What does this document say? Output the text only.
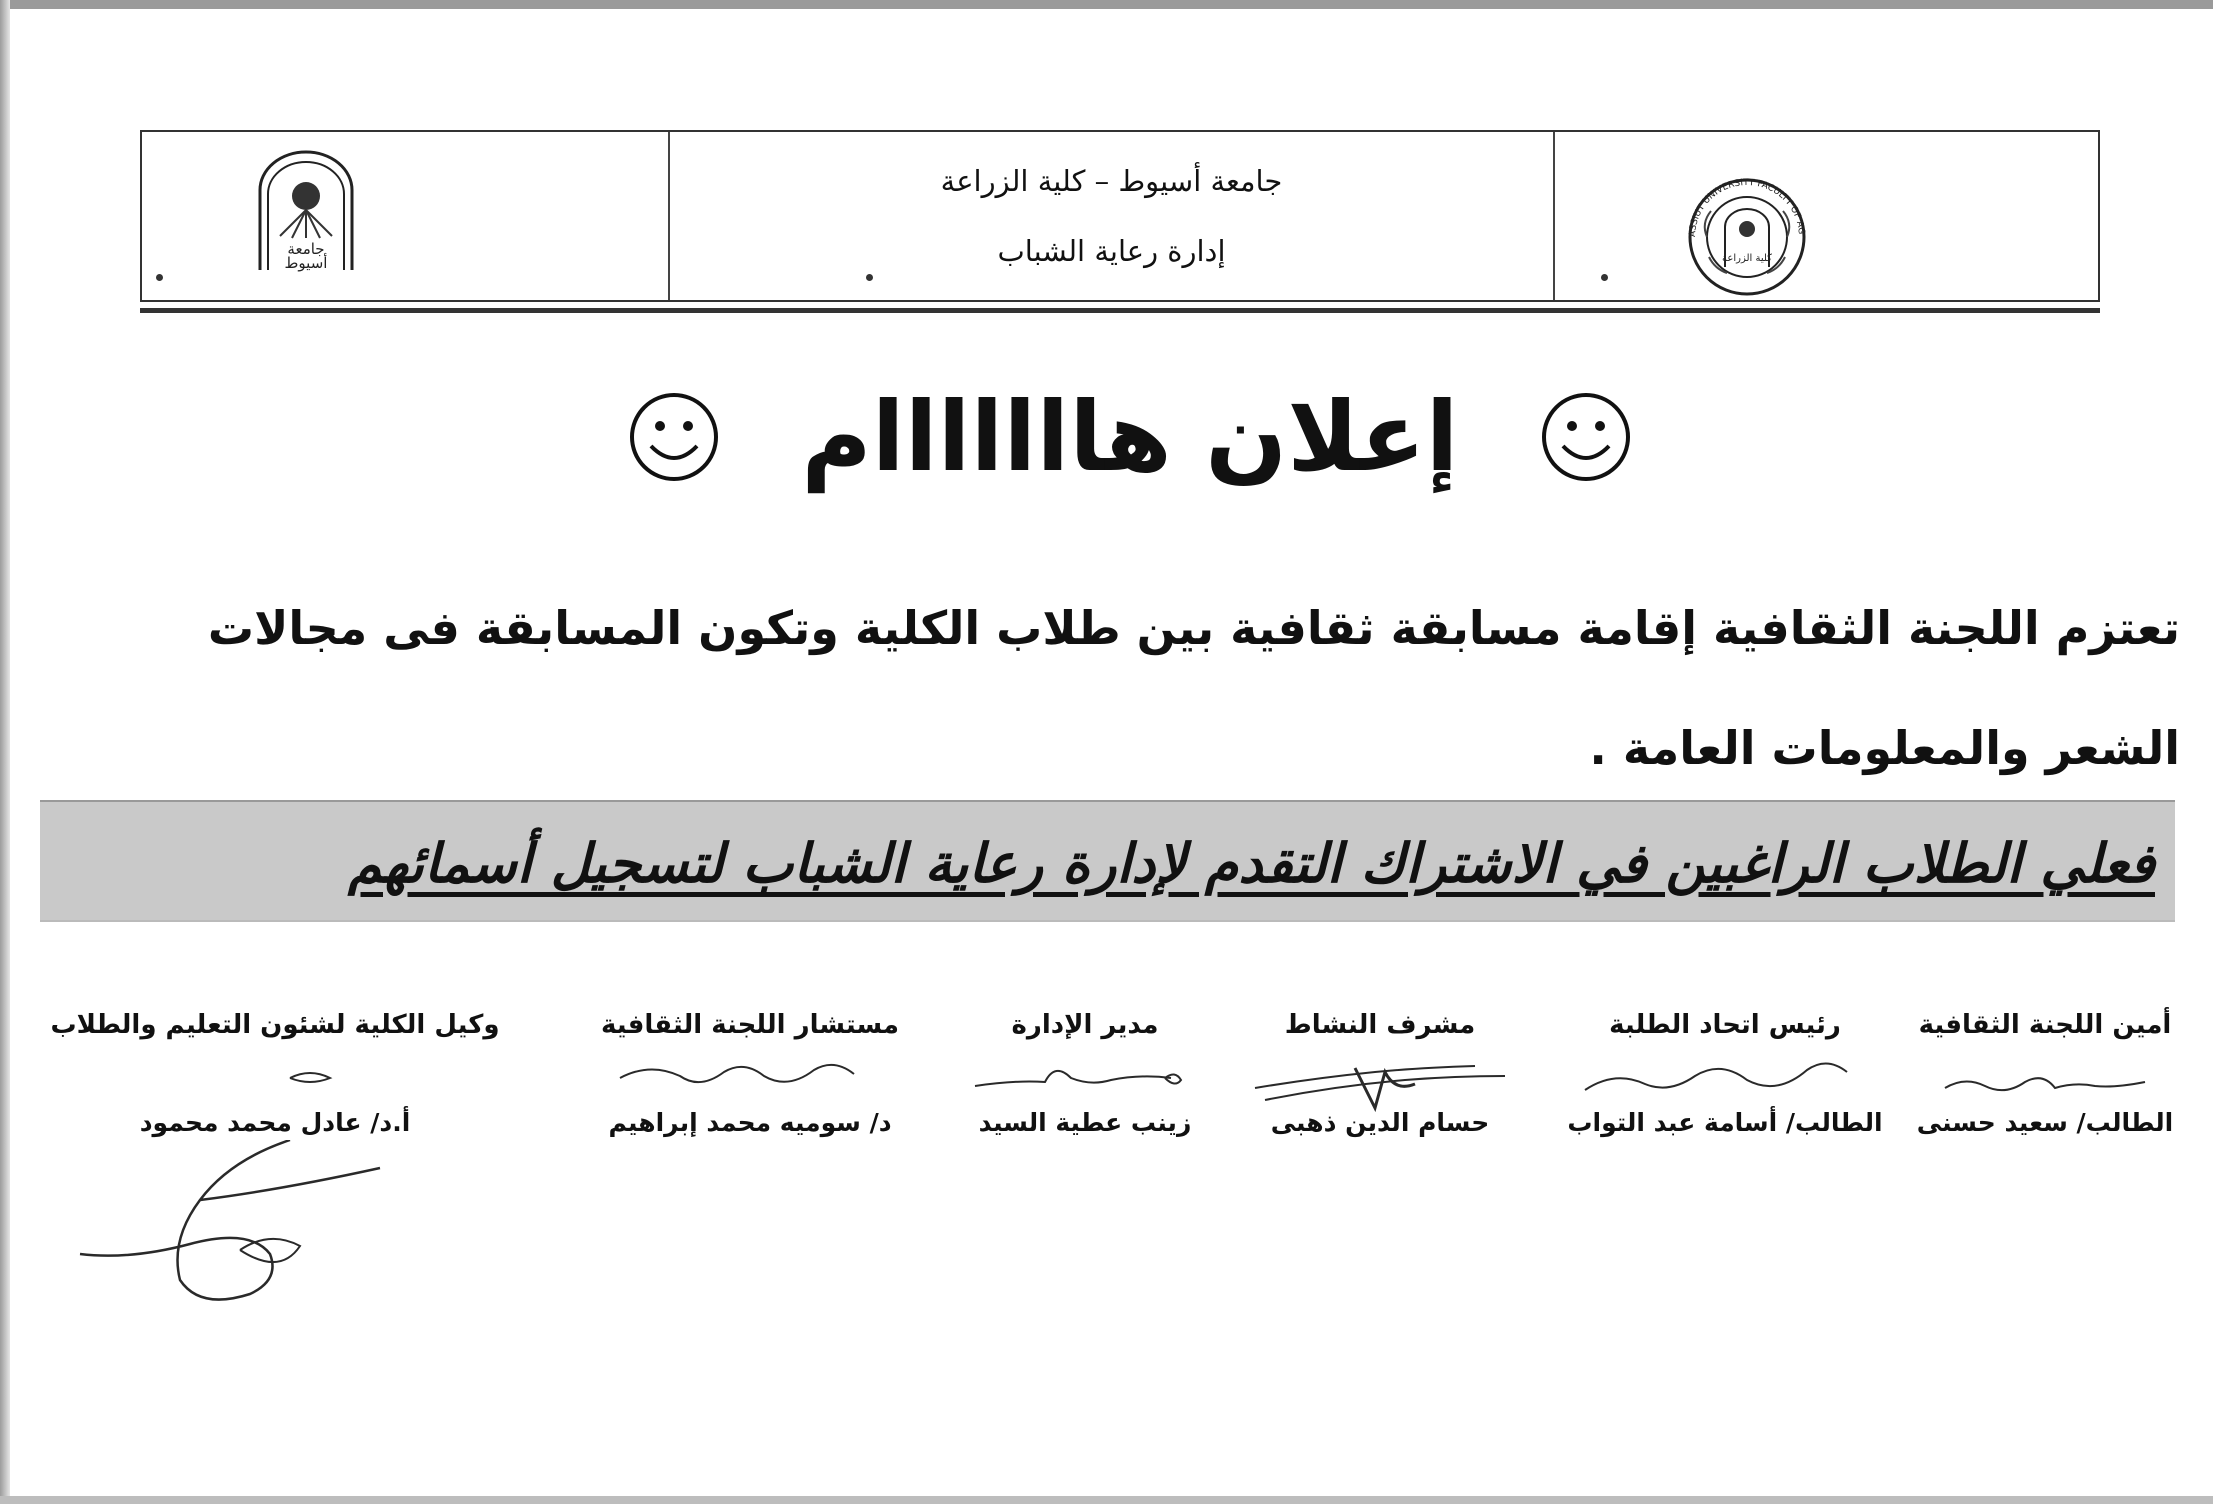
جامعة
أسيوط
جامعة أسيوط – كلية الزراعة
إدارة رعاية الشباب	كلية الزراعة
ASSIUT UNIVERSITY FACULTY OF AG
إعلان هااااااام
تعتزم اللجنة الثقافية إقامة مسابقة ثقافية بين طلاب الكلية وتكون المسابقة فى مجالات
الشعر والمعلومات العامة .
فعلي الطلاب الراغبين في الاشتراك التقدم لإدارة رعاية الشباب لتسجيل أسمائهم
أمين اللجنة الثقافية
الطالب/ سعيد حسنى
رئيس اتحاد الطلبة
الطالب/ أسامة عبد التواب
مشرف النشاط
حسام الدين ذهبى
مدير الإدارة
زينب عطية السيد
مستشار اللجنة الثقافية
د/ سوميه محمد إبراهيم
وكيل الكلية لشئون التعليم والطلاب
أ.د/ عادل محمد محمود
